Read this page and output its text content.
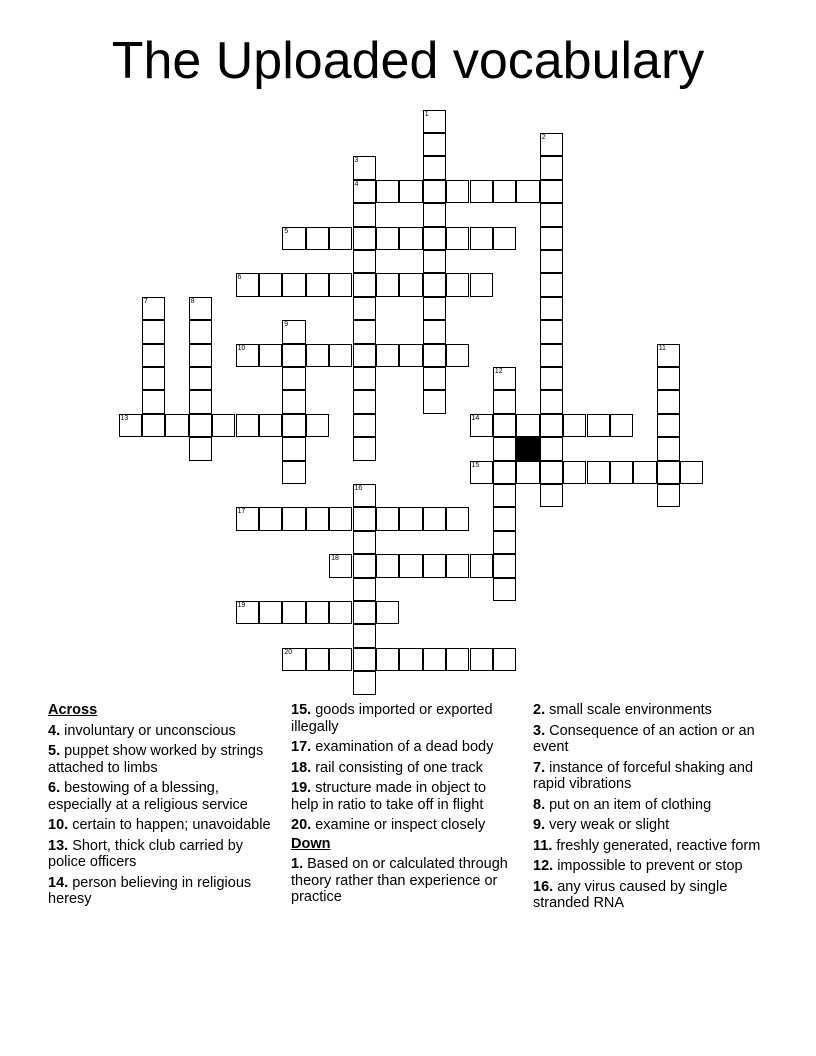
The Uploaded vocabulary
1
2
3
4
5
6
7	8
9
10	11
12
13	14
15
16
17
18
19
20
Across
4. involuntary or unconscious
5. puppet show worked by strings attached to limbs
6. bestowing of a blessing, especially at a religious service
10. certain to happen; unavoidable
13. Short, thick club carried by police officers
14. person believing in religious heresy
15. goods imported or exported illegally
17. examination of a dead body
18. rail consisting of one track
19. structure made in object to help in ratio to take off in flight
20. examine or inspect closely
Down
1. Based on or calculated through theory rather than experience or practice
2. small scale environments
3. Consequence of an action or an event
7. instance of forceful shaking and rapid vibrations
8. put on an item of clothing
9. very weak or slight
11. freshly generated, reactive form
12. impossible to prevent or stop
16. any virus caused by single stranded RNA
